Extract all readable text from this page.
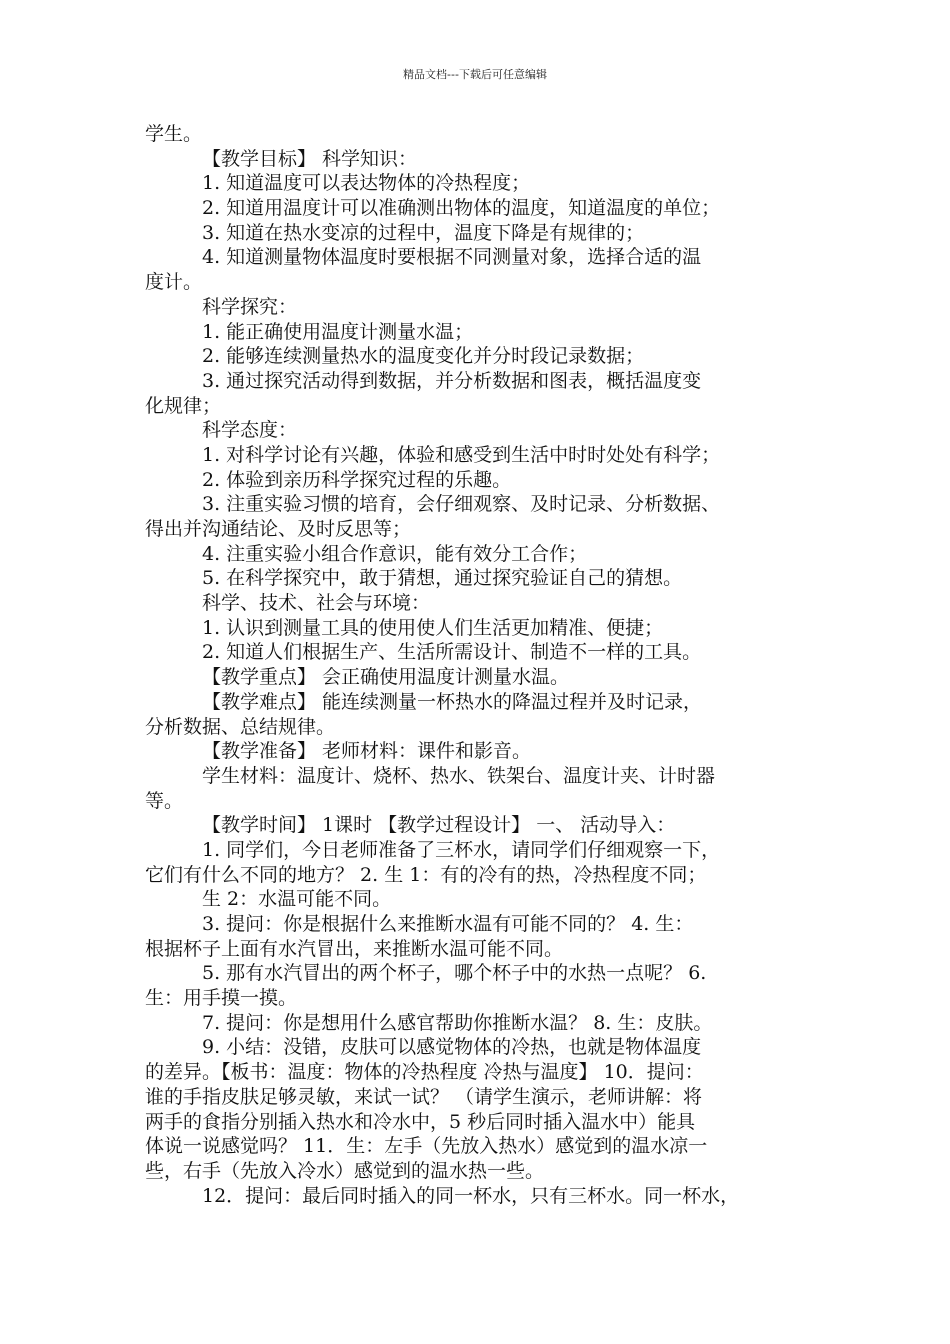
精品文档---下载后可任意编辑
学生。
【教学目标】 科学知识：
1. 知道温度可以表达物体的冷热程度；
2. 知道用温度计可以准确测出物体的温度，知道温度的单位；
3. 知道在热水变凉的过程中，温度下降是有规律的；
4. 知道测量物体温度时要根据不同测量对象，选择合适的温
度计。
科学探究：
1. 能正确使用温度计测量水温；
2. 能够连续测量热水的温度变化并分时段记录数据；
3. 通过探究活动得到数据，并分析数据和图表，概括温度变
化规律；
科学态度：
1. 对科学讨论有兴趣，体验和感受到生活中时时处处有科学；
2. 体验到亲历科学探究过程的乐趣。
3. 注重实验习惯的培育，会仔细观察、及时记录、分析数据、
得出并沟通结论、及时反思等；
4. 注重实验小组合作意识，能有效分工合作；
5. 在科学探究中，敢于猜想，通过探究验证自己的猜想。
科学、技术、社会与环境：
1. 认识到测量工具的使用使人们生活更加精准、便捷；
2. 知道人们根据生产、生活所需设计、制造不一样的工具。
【教学重点】 会正确使用温度计测量水温。
【教学难点】 能连续测量一杯热水的降温过程并及时记录，
分析数据、总结规律。
【教学准备】 老师材料：课件和影音。
学生材料：温度计、烧杯、热水、铁架台、温度计夹、计时器
等。
【教学时间】 1课时 【教学过程设计】 一、 活动导入：
1. 同学们，今日老师准备了三杯水，请同学们仔细观察一下，
它们有什么不同的地方？ 2. 生 1：有的冷有的热，冷热程度不同；
生 2：水温可能不同。
3. 提问：你是根据什么来推断水温有可能不同的？ 4. 生：
根据杯子上面有水汽冒出，来推断水温可能不同。
5. 那有水汽冒出的两个杯子，哪个杯子中的水热一点呢？ 6.
生：用手摸一摸。
7. 提问：你是想用什么感官帮助你推断水温？ 8. 生：皮肤。
9. 小结：没错，皮肤可以感觉物体的冷热，也就是物体温度
的差异。【板书：温度：物体的冷热程度 冷热与温度】 10．提问：
谁的手指皮肤足够灵敏，来试一试？ （请学生演示，老师讲解：将
两手的食指分别插入热水和冷水中，5 秒后同时插入温水中）能具
体说一说感觉吗？ 11．生：左手（先放入热水）感觉到的温水凉一
些，右手（先放入冷水）感觉到的温水热一些。
12．提问：最后同时插入的同一杯水，只有三杯水。同一杯水，
